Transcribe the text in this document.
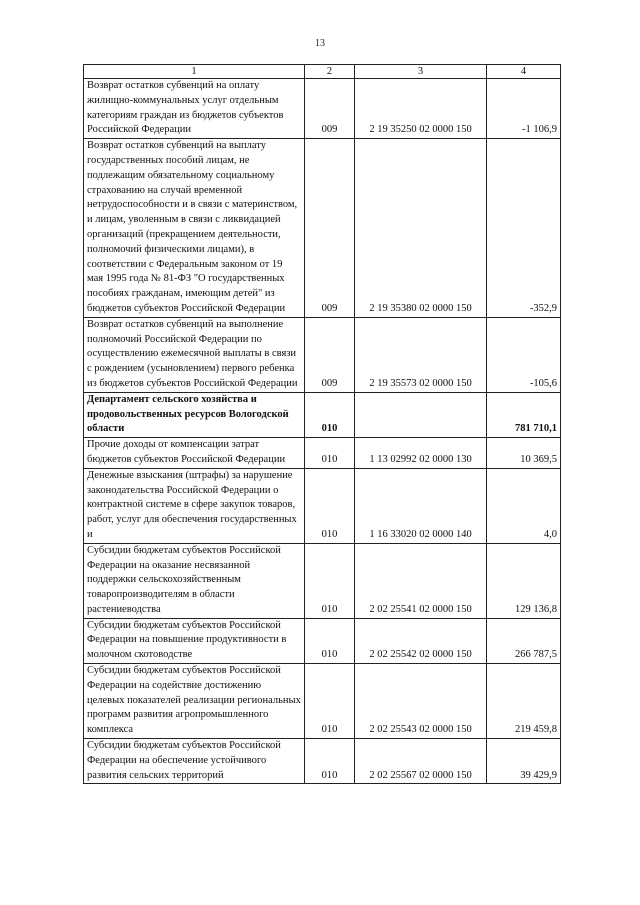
13
1	2	3	4
Возврат остатков субвенций на оплату жилищно-коммунальных услуг отдельным категориям граждан из бюджетов субъектов Российской Федерации	009	2 19 35250 02 0000 150	-1 106,9
Возврат остатков субвенций на выплату государственных пособий лицам, не подлежащим обязательному социальному страхованию на случай временной нетрудоспособности и в связи с материнством, и лицам, уволенным в связи с ликвидацией организаций (прекращением деятельности, полномочий физическими лицами), в соответствии с Федеральным законом от 19 мая 1995 года № 81-ФЗ "О государственных пособиях гражданам, имеющим детей" из бюджетов субъектов Российской Федерации	009	2 19 35380 02 0000 150	-352,9
Возврат остатков субвенций на выполнение полномочий Российской Федерации по осуществлению ежемесячной выплаты в связи с рождением (усыновлением) первого ребенка из бюджетов субъектов Российской Федерации	009	2 19 35573 02 0000 150	-105,6
Департамент сельского хозяйства и продовольственных ресурсов Вологодской области	010		781 710,1
Прочие доходы от компенсации затрат бюджетов субъектов Российской Федерации	010	1 13 02992 02 0000 130	10 369,5
Денежные взыскания (штрафы) за нарушение законодательства Российской Федерации о контрактной системе в сфере закупок товаров, работ, услуг для обеспечения государственных и	010	1 16 33020 02 0000 140	4,0
Субсидии бюджетам субъектов Российской Федерации на оказание несвязанной поддержки сельскохозяйственным товаропроизводителям в области растениеводства	010	2 02 25541 02 0000 150	129 136,8
Субсидии бюджетам субъектов Российской Федерации на повышение продуктивности в молочном скотоводстве	010	2 02 25542 02 0000 150	266 787,5
Субсидии бюджетам субъектов Российской Федерации на содействие достижению целевых показателей реализации региональных программ развития агропромышленного комплекса	010	2 02 25543 02 0000 150	219 459,8
Субсидии бюджетам субъектов Российской Федерации на обеспечение устойчивого развития сельских территорий	010	2 02 25567 02 0000 150	39 429,9
